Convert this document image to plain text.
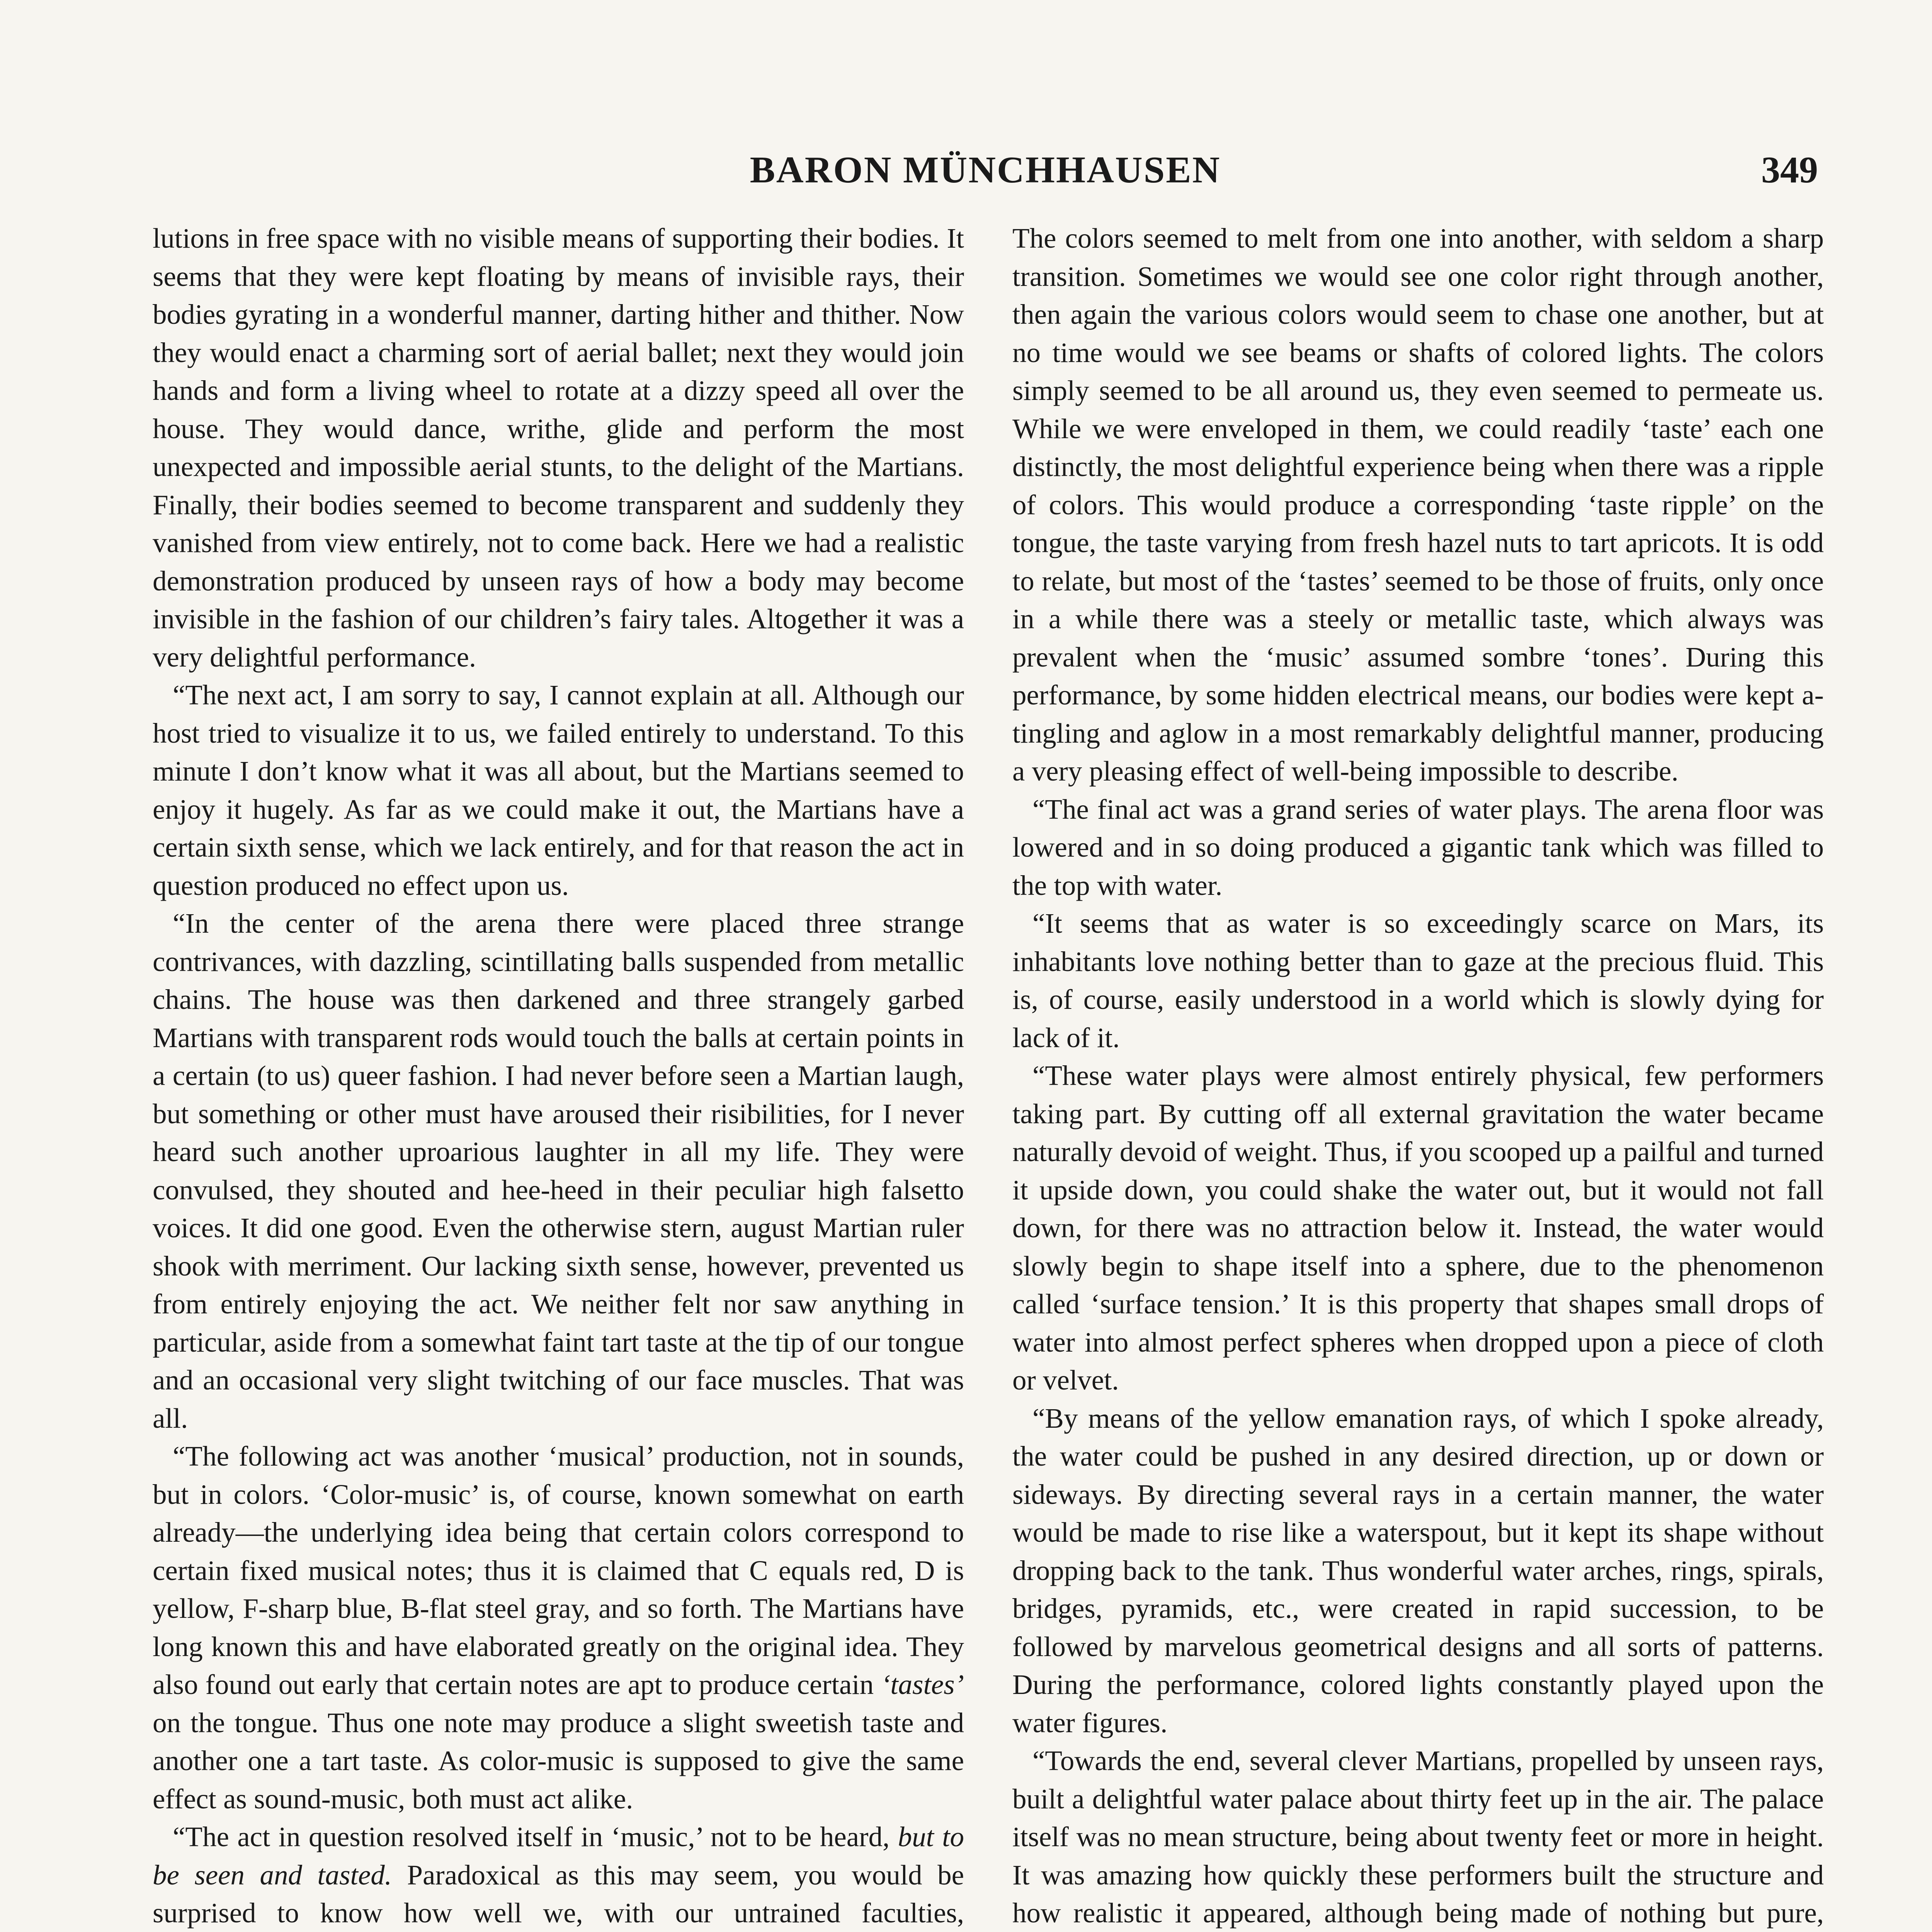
BARON MÜNCHHAUSEN	349

lutions in free space with no visible means of supporting their bodies. It seems that they were kept floating by means of invisible rays, their bodies gyrating in a wonderful manner, darting hither and thither. Now they would enact a charming sort of aerial ballet; next they would join hands and form a living wheel to rotate at a dizzy speed all over the house. They would dance, writhe, glide and perform the most unexpected and impossible aerial stunts, to the delight of the Martians. Finally, their bodies seemed to become transparent and suddenly they vanished from view entirely, not to come back. Here we had a realistic demonstration produced by unseen rays of how a body may become invisible in the fashion of our children’s fairy tales. Altogether it was a very delightful performance.

“The next act, I am sorry to say, I cannot explain at all. Although our host tried to visualize it to us, we failed entirely to understand. To this minute I don’t know what it was all about, but the Martians seemed to enjoy it hugely. As far as we could make it out, the Martians have a certain sixth sense, which we lack entirely, and for that reason the act in question produced no effect upon us.

“In the center of the arena there were placed three strange contrivances, with dazzling, scintillating balls suspended from metallic chains. The house was then darkened and three strangely garbed Martians with transparent rods would touch the balls at certain points in a certain (to us) queer fashion. I had never before seen a Martian laugh, but something or other must have aroused their risibilities, for I never heard such another uproarious laughter in all my life. They were convulsed, they shouted and hee-heed in their peculiar high falsetto voices. It did one good. Even the otherwise stern, august Martian ruler shook with merriment. Our lacking sixth sense, however, prevented us from entirely enjoying the act. We neither felt nor saw anything in particular, aside from a somewhat faint tart taste at the tip of our tongue and an occasional very slight twitching of our face muscles. That was all.

“The following act was another ‘musical’ production, not in sounds, but in colors. ‘Color-music’ is, of course, known somewhat on earth already—the underlying idea being that certain colors correspond to certain fixed musical notes; thus it is claimed that C equals red, D is yellow, F-sharp blue, B-flat steel gray, and so forth. The Martians have long known this and have elaborated greatly on the original idea. They also found out early that certain notes are apt to produce certain ‘tastes’ on the tongue. Thus one note may produce a slight sweetish taste and another one a tart taste. As color-music is supposed to give the same effect as sound-music, both must act alike.

“The act in question resolved itself in ‘music,’ not to be heard, but to be seen and tasted. Paradoxical as this may seem, you would be surprised to know how well we, with our untrained faculties,

The colors seemed to melt from one into another, with seldom a sharp transition. Sometimes we would see one color right through another, then again the various colors would seem to chase one another, but at no time would we see beams or shafts of colored lights. The colors simply seemed to be all around us, they even seemed to permeate us. While we were enveloped in them, we could readily ‘taste’ each one distinctly, the most delightful experience being when there was a ripple of colors. This would produce a corresponding ‘taste ripple’ on the tongue, the taste varying from fresh hazel nuts to tart apricots. It is odd to relate, but most of the ‘tastes’ seemed to be those of fruits, only once in a while there was a steely or metallic taste, which always was prevalent when the ‘music’ assumed sombre ‘tones’. During this performance, by some hidden electrical means, our bodies were kept a-tingling and aglow in a most remarkably delightful manner, producing a very pleasing effect of well-being impossible to describe.

“The final act was a grand series of water plays. The arena floor was lowered and in so doing produced a gigantic tank which was filled to the top with water.

“It seems that as water is so exceedingly scarce on Mars, its inhabitants love nothing better than to gaze at the precious fluid. This is, of course, easily understood in a world which is slowly dying for lack of it.

“These water plays were almost entirely physical, few performers taking part. By cutting off all external gravitation the water became naturally devoid of weight. Thus, if you scooped up a pailful and turned it upside down, you could shake the water out, but it would not fall down, for there was no attraction below it. Instead, the water would slowly begin to shape itself into a sphere, due to the phenomenon called ‘surface tension.’ It is this property that shapes small drops of water into almost perfect spheres when dropped upon a piece of cloth or velvet.

“By means of the yellow emanation rays, of which I spoke already, the water could be pushed in any desired direction, up or down or sideways. By directing several rays in a certain manner, the water would be made to rise like a waterspout, but it kept its shape without dropping back to the tank. Thus wonderful water arches, rings, spirals, bridges, pyramids, etc., were created in rapid succession, to be followed by marvelous geometrical designs and all sorts of patterns. During the performance, colored lights constantly played upon the water figures.

“Towards the end, several clever Martians, propelled by unseen rays, built a delightful water palace about thirty feet up in the air. The palace itself was no mean structure, being about twenty feet or more in height. It was amazing how quickly these performers built the structure and how realistic it appeared, although being made of nothing but pure,
